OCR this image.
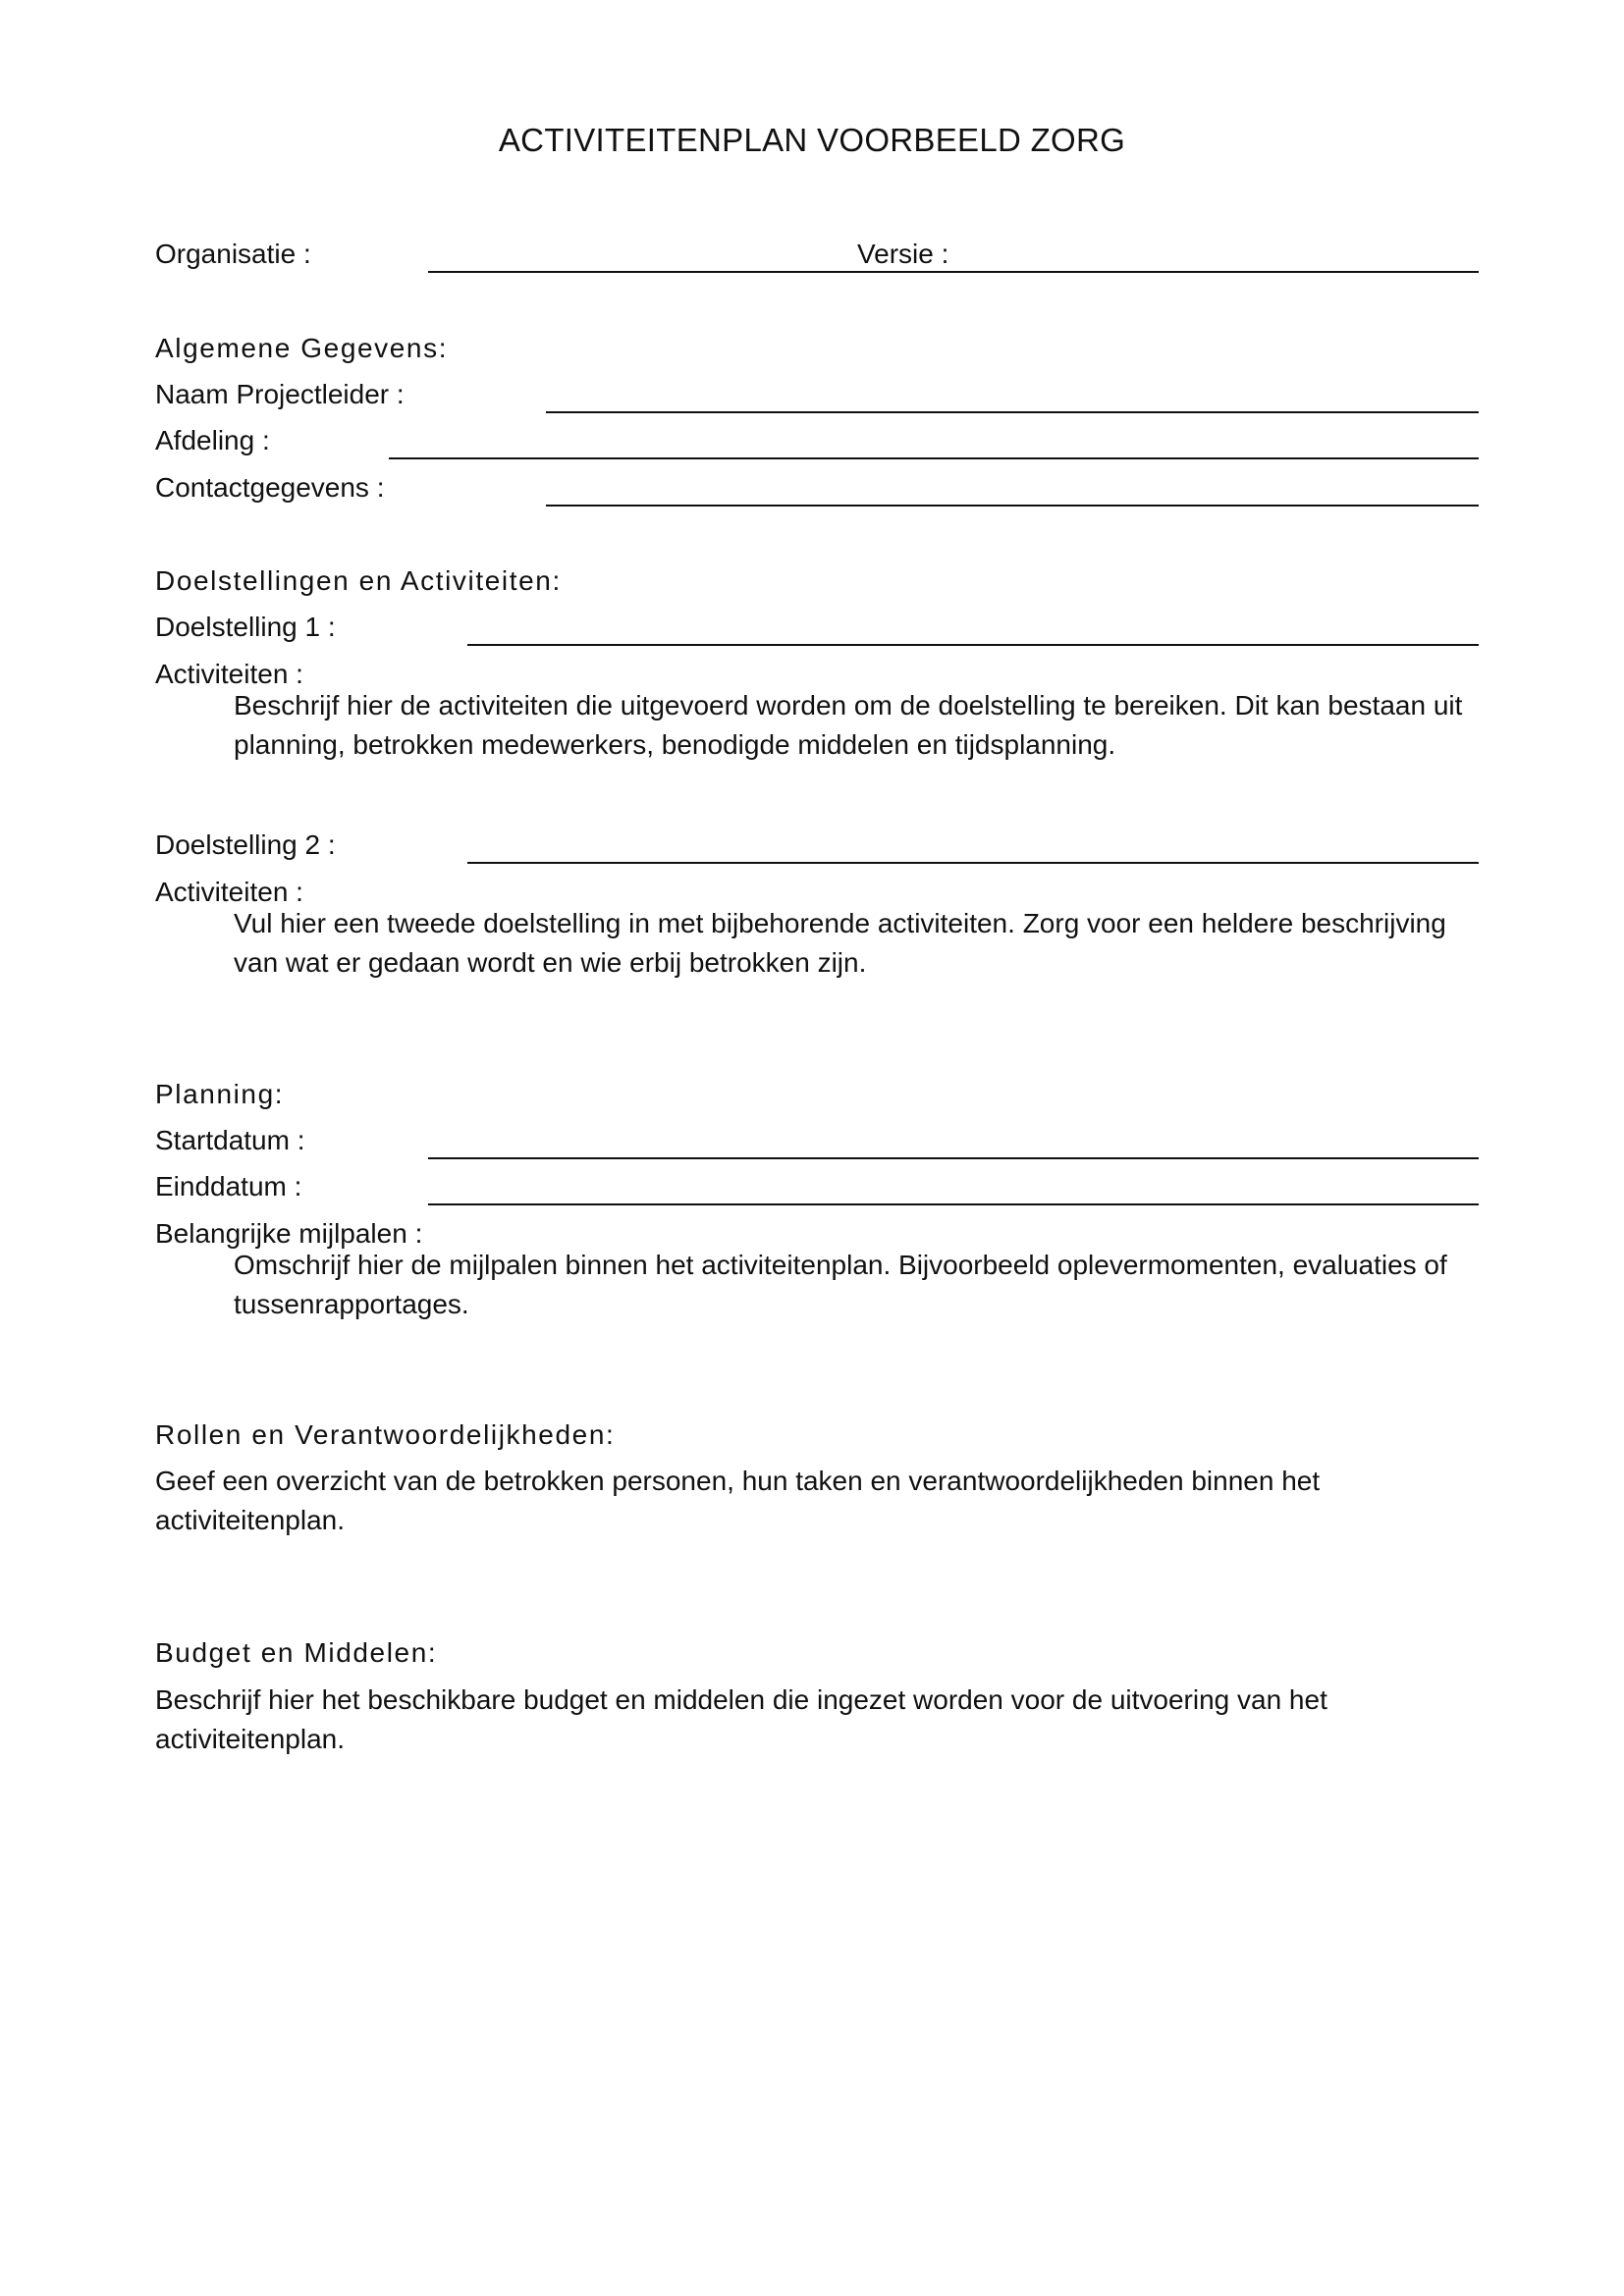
ACTIVITEITENPLAN VOORBEELD ZORG
Organisatie :	Versie :
Algemene Gegevens:
Naam Projectleider :
Afdeling :
Contactgegevens :
Doelstellingen en Activiteiten:
Doelstelling 1 :
Activiteiten :
Beschrijf hier de activiteiten die uitgevoerd worden om de doelstelling te bereiken. Dit kan bestaan uit planning, betrokken medewerkers, benodigde middelen en tijdsplanning.
Doelstelling 2 :
Activiteiten :
Vul hier een tweede doelstelling in met bijbehorende activiteiten. Zorg voor een heldere beschrijving van wat er gedaan wordt en wie erbij betrokken zijn.
Planning:
Startdatum :
Einddatum :
Belangrijke mijlpalen :
Omschrijf hier de mijlpalen binnen het activiteitenplan. Bijvoorbeeld oplevermomenten, evaluaties of tussenrapportages.
Rollen en Verantwoordelijkheden:
Geef een overzicht van de betrokken personen, hun taken en verantwoordelijkheden binnen het activiteitenplan.
Budget en Middelen:
Beschrijf hier het beschikbare budget en middelen die ingezet worden voor de uitvoering van het activiteitenplan.
